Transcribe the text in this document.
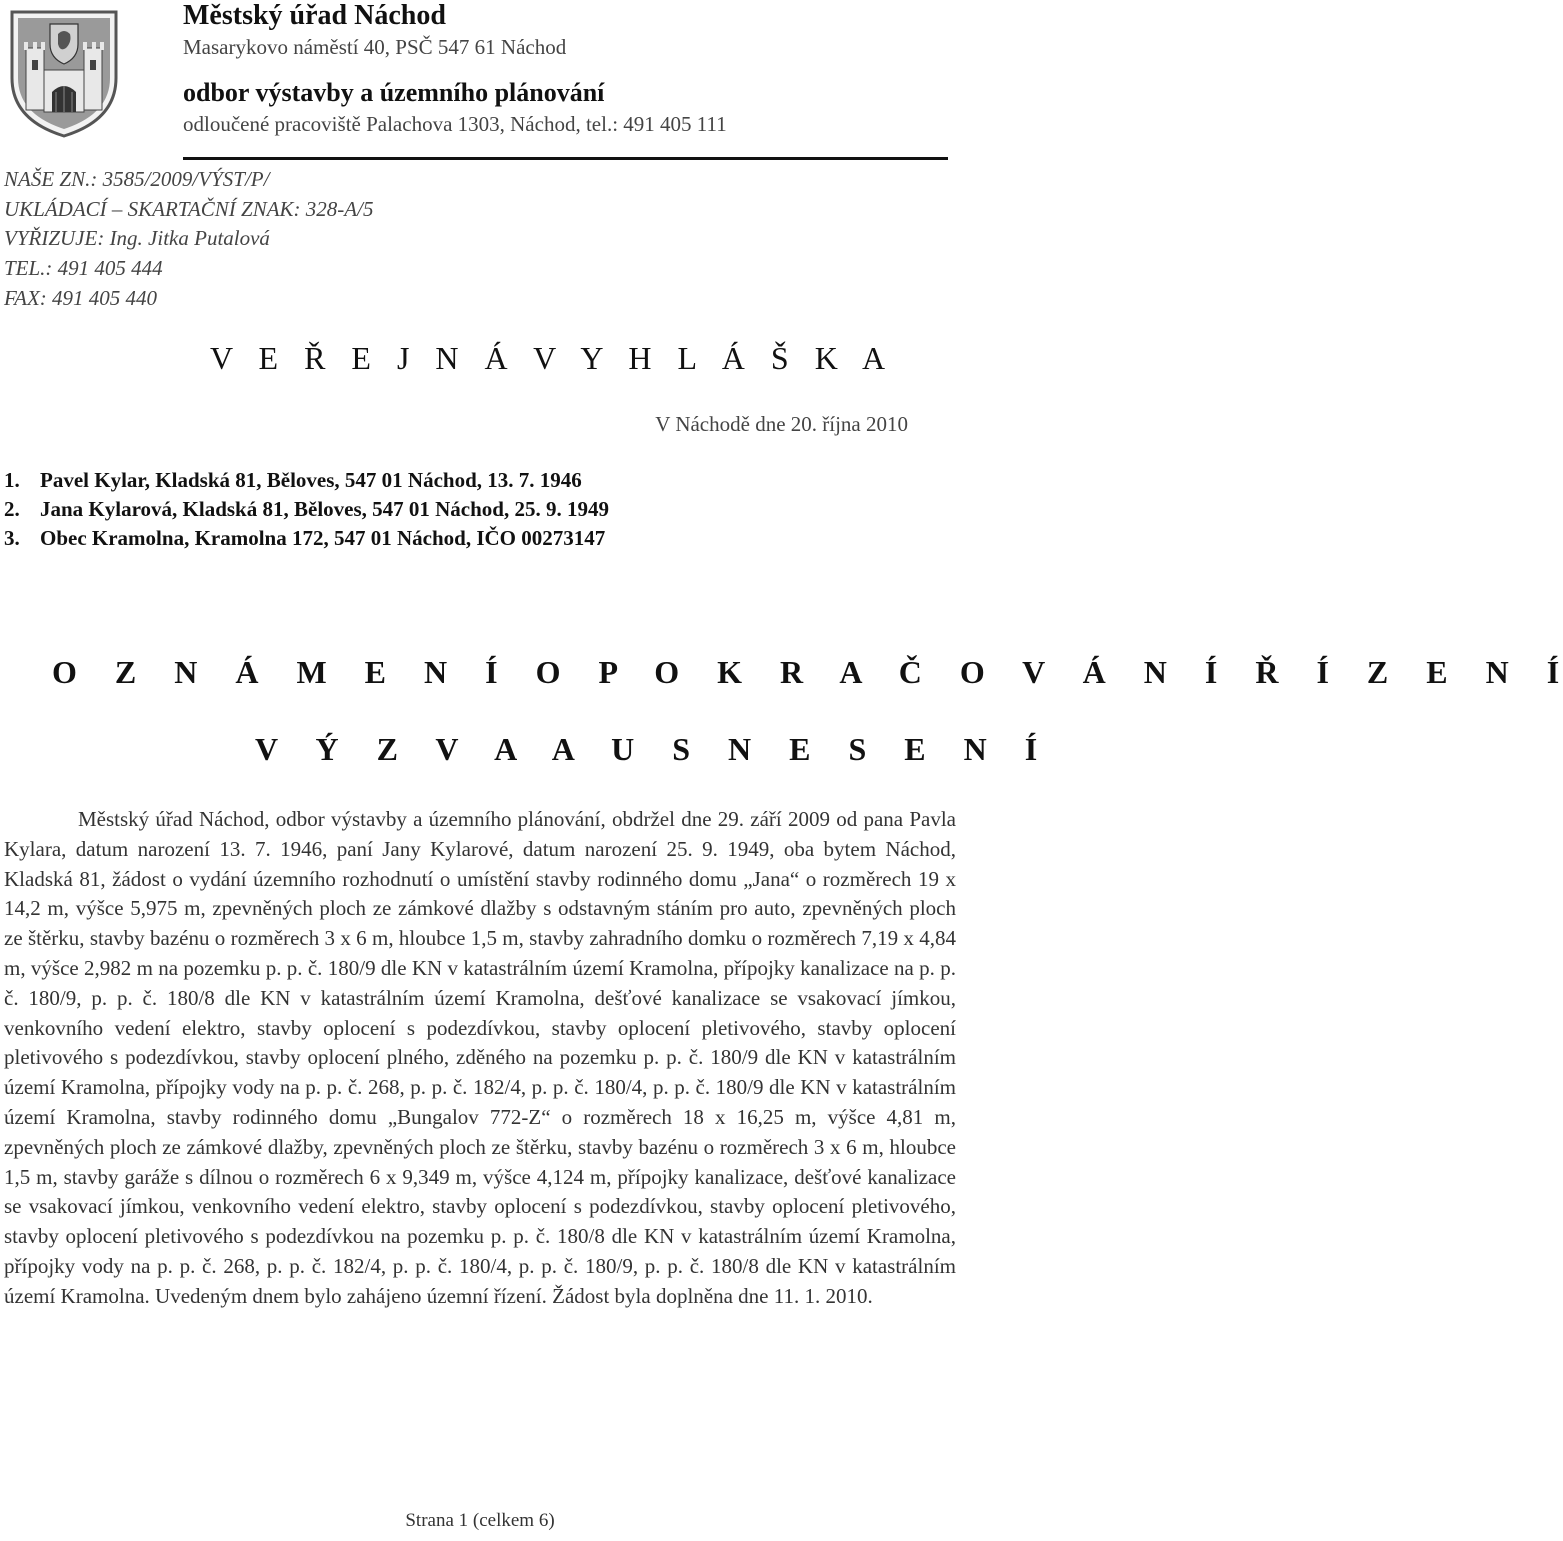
Městský úřad Náchod
Masarykovo náměstí 40, PSČ 547 61 Náchod
odbor výstavby a územního plánování
odloučené pracoviště Palachova 1303, Náchod, tel.: 491 405 111
NAŠE ZN.: 3585/2009/VÝST/P/
UKLÁDACÍ – SKARTAČNÍ ZNAK: 328-A/5
VYŘIZUJE: Ing. Jitka Putalová
TEL.: 491 405 444
FAX: 491 405 440
V E Ř E J N Á V Y H L Á Š K A
V Náchodě dne 20. října 2010
1. Pavel Kylar, Kladská 81, Běloves, 547 01 Náchod, 13. 7. 1946
2. Jana Kylarová, Kladská 81, Běloves, 547 01 Náchod, 25. 9. 1949
3. Obec Kramolna, Kramolna 172, 547 01 Náchod, IČO 00273147
O Z N Á M E N Í O P O K R A Č O V Á N Í Ř Í Z E N Í
V Ý Z V A A U S N E S E N Í

Městský úřad Náchod, odbor výstavby a územního plánování, obdržel dne 29. září 2009 od pana Pavla Kylara, datum narození 13. 7. 1946, paní Jany Kylarové, datum narození 25. 9. 1949, oba bytem Náchod, Kladská 81, žádost o vydání územního rozhodnutí o umístění stavby rodinného domu „Jana“ o rozměrech 19 x 14,2 m, výšce 5,975 m, zpevněných ploch ze zámkové dlažby s odstavným stáním pro auto, zpevněných ploch ze štěrku, stavby bazénu o rozměrech 3 x 6 m, hloubce 1,5 m, stavby zahradního domku o rozměrech 7,19 x 4,84 m, výšce 2,982 m na pozemku p. p. č. 180/9 dle KN v katastrálním území Kramolna, přípojky kanalizace na p. p. č. 180/9, p. p. č. 180/8 dle KN v katastrálním území Kramolna, dešťové kanalizace se vsakovací jímkou, venkovního vedení elektro, stavby oplocení s podezdívkou, stavby oplocení pletivového, stavby oplocení pletivového s podezdívkou, stavby oplocení plného, zděného na pozemku p. p. č. 180/9 dle KN v katastrálním území Kramolna, přípojky vody na p. p. č. 268, p. p. č. 182/4, p. p. č. 180/4, p. p. č. 180/9 dle KN v katastrálním území Kramolna, stavby rodinného domu „Bungalov 772-Z“ o rozměrech 18 x 16,25 m, výšce 4,81 m, zpevněných ploch ze zámkové dlažby, zpevněných ploch ze štěrku, stavby bazénu o rozměrech 3 x 6 m, hloubce 1,5 m, stavby garáže s dílnou o rozměrech 6 x 9,349 m, výšce 4,124 m, přípojky kanalizace, dešťové kanalizace se vsakovací jímkou, venkovního vedení elektro, stavby oplocení s podezdívkou, stavby oplocení pletivového, stavby oplocení pletivového s podezdívkou na pozemku p. p. č. 180/8 dle KN v katastrálním území Kramolna, přípojky vody na p. p. č. 268, p. p. č. 182/4, p. p. č. 180/4, p. p. č. 180/9, p. p. č. 180/8 dle KN v katastrálním území Kramolna. Uvedeným dnem bylo zahájeno územní řízení. Žádost byla doplněna dne 11. 1. 2010.

Strana 1 (celkem 6)
